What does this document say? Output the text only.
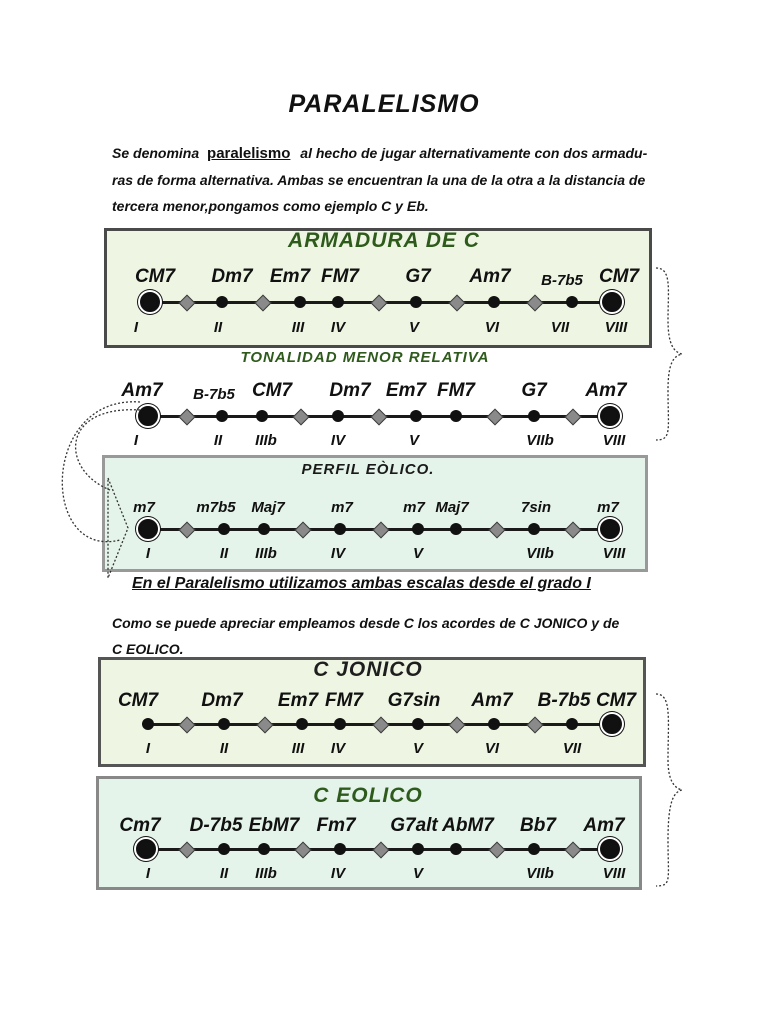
PARALELISMO
Se denomina paralelismo al hecho de jugar alternativamente con dos armadu-
ras de forma alternativa. Ambas se encuentran la una de la otra a la distancia de
tercera menor,pongamos como ejemplo C y Eb.
ARMADURA DE C
CM7 Dm7 Em7 FM7 G7 Am7 B-7b5 CM7
I	II	III IV	V	VI	VII VIII
TONALIDAD MENOR RELATIVA
Am7 B-7b5 CM7 Dm7 Em7 FM7 G7 Am7
I	II IIIb	IV	V	VIIb	VIII
PERFIL EÒLICO.
m7	m7b5 Maj7	m7	m7 Maj7	7sin	m7
I	II IIIb	IV	V	VIIb	VIII
En el Paralelismo utilizamos ambas escalas desde el grado I
Como se puede apreciar empleamos desde C los acordes de C JONICO y de
C EOLICO.
C JONICO
CM7 Dm7 Em7 FM7 G7sin Am7 B-7b5 CM7
I	II	III IV	V	VI	VII
C EOLICO
Cm7 D-7b5 EbM7 Fm7 G7alt AbM7 Bb7 Am7
I	II IIIb	IV	V	VIIb	VIII
